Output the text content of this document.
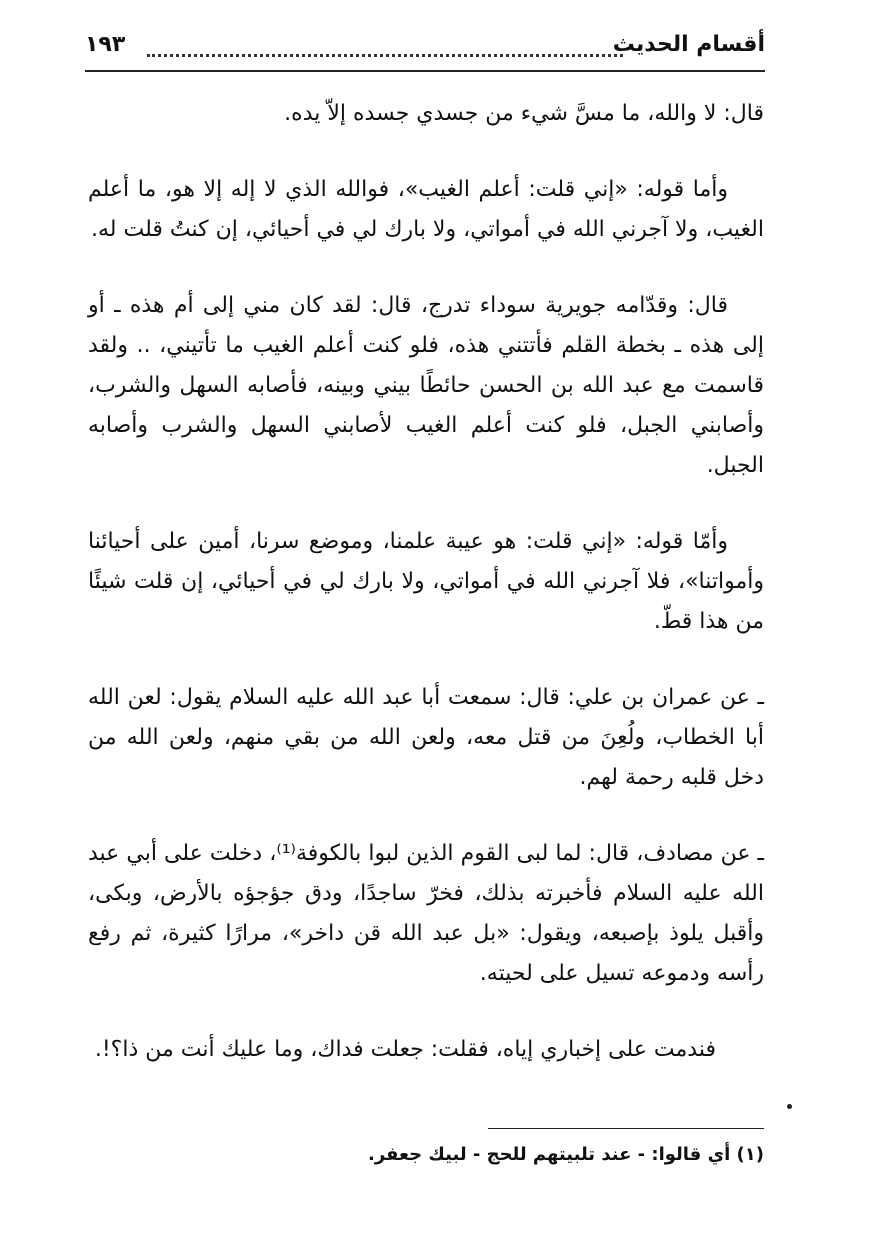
أقسام الحديث
١٩٣

قال: لا والله، ما مسَّ شيء من جسدي جسده إلاّ يده.

وأما قوله: «إني قلت: أعلم الغيب»، فوالله الذي لا إله إلا هو، ما أعلم الغيب، ولا آجرني الله في أمواتي، ولا بارك لي في أحيائي، إن كنتُ قلت له.

قال: وقدّامه جويرية سوداء تدرج، قال: لقد كان مني إلى أم هذه ـ أو إلى هذه ـ بخطة القلم فأتتني هذه، فلو كنت أعلم الغيب ما تأتيني، .. ولقد قاسمت مع عبد الله بن الحسن حائطًا بيني وبينه، فأصابه السهل والشرب، وأصابني الجبل، فلو كنت أعلم الغيب لأصابني السهل والشرب وأصابه الجبل.

وأمّا قوله: «إني قلت: هو عيبة علمنا، وموضع سرنا، أمين على أحيائنا وأمواتنا»، فلا آجرني الله في أمواتي، ولا بارك لي في أحيائي، إن قلت شيئًا من هذا قطّ.

ـ عن عمران بن علي: قال: سمعت أبا عبد الله عليه السلام يقول: لعن الله أبا الخطاب، ولُعِنَ من قتل معه، ولعن الله من بقي منهم، ولعن الله من دخل قلبه رحمة لهم.

ـ عن مصادف، قال: لما لبى القوم الذين لبوا بالكوفة⁽¹⁾، دخلت على أبي عبد الله عليه السلام فأخبرته بذلك، فخرّ ساجدًا، ودق جؤجؤه بالأرض، وبكى، وأقبل يلوذ بإصبعه، ويقول: «بل عبد الله قن داخر»، مرارًا كثيرة، ثم رفع رأسه ودموعه تسيل على لحيته.

فندمت على إخباري إياه، فقلت: جعلت فداك، وما عليك أنت من ذا؟!.

(١) أي قالوا: - عند تلبيتهم للحج - لبيك جعفر.
